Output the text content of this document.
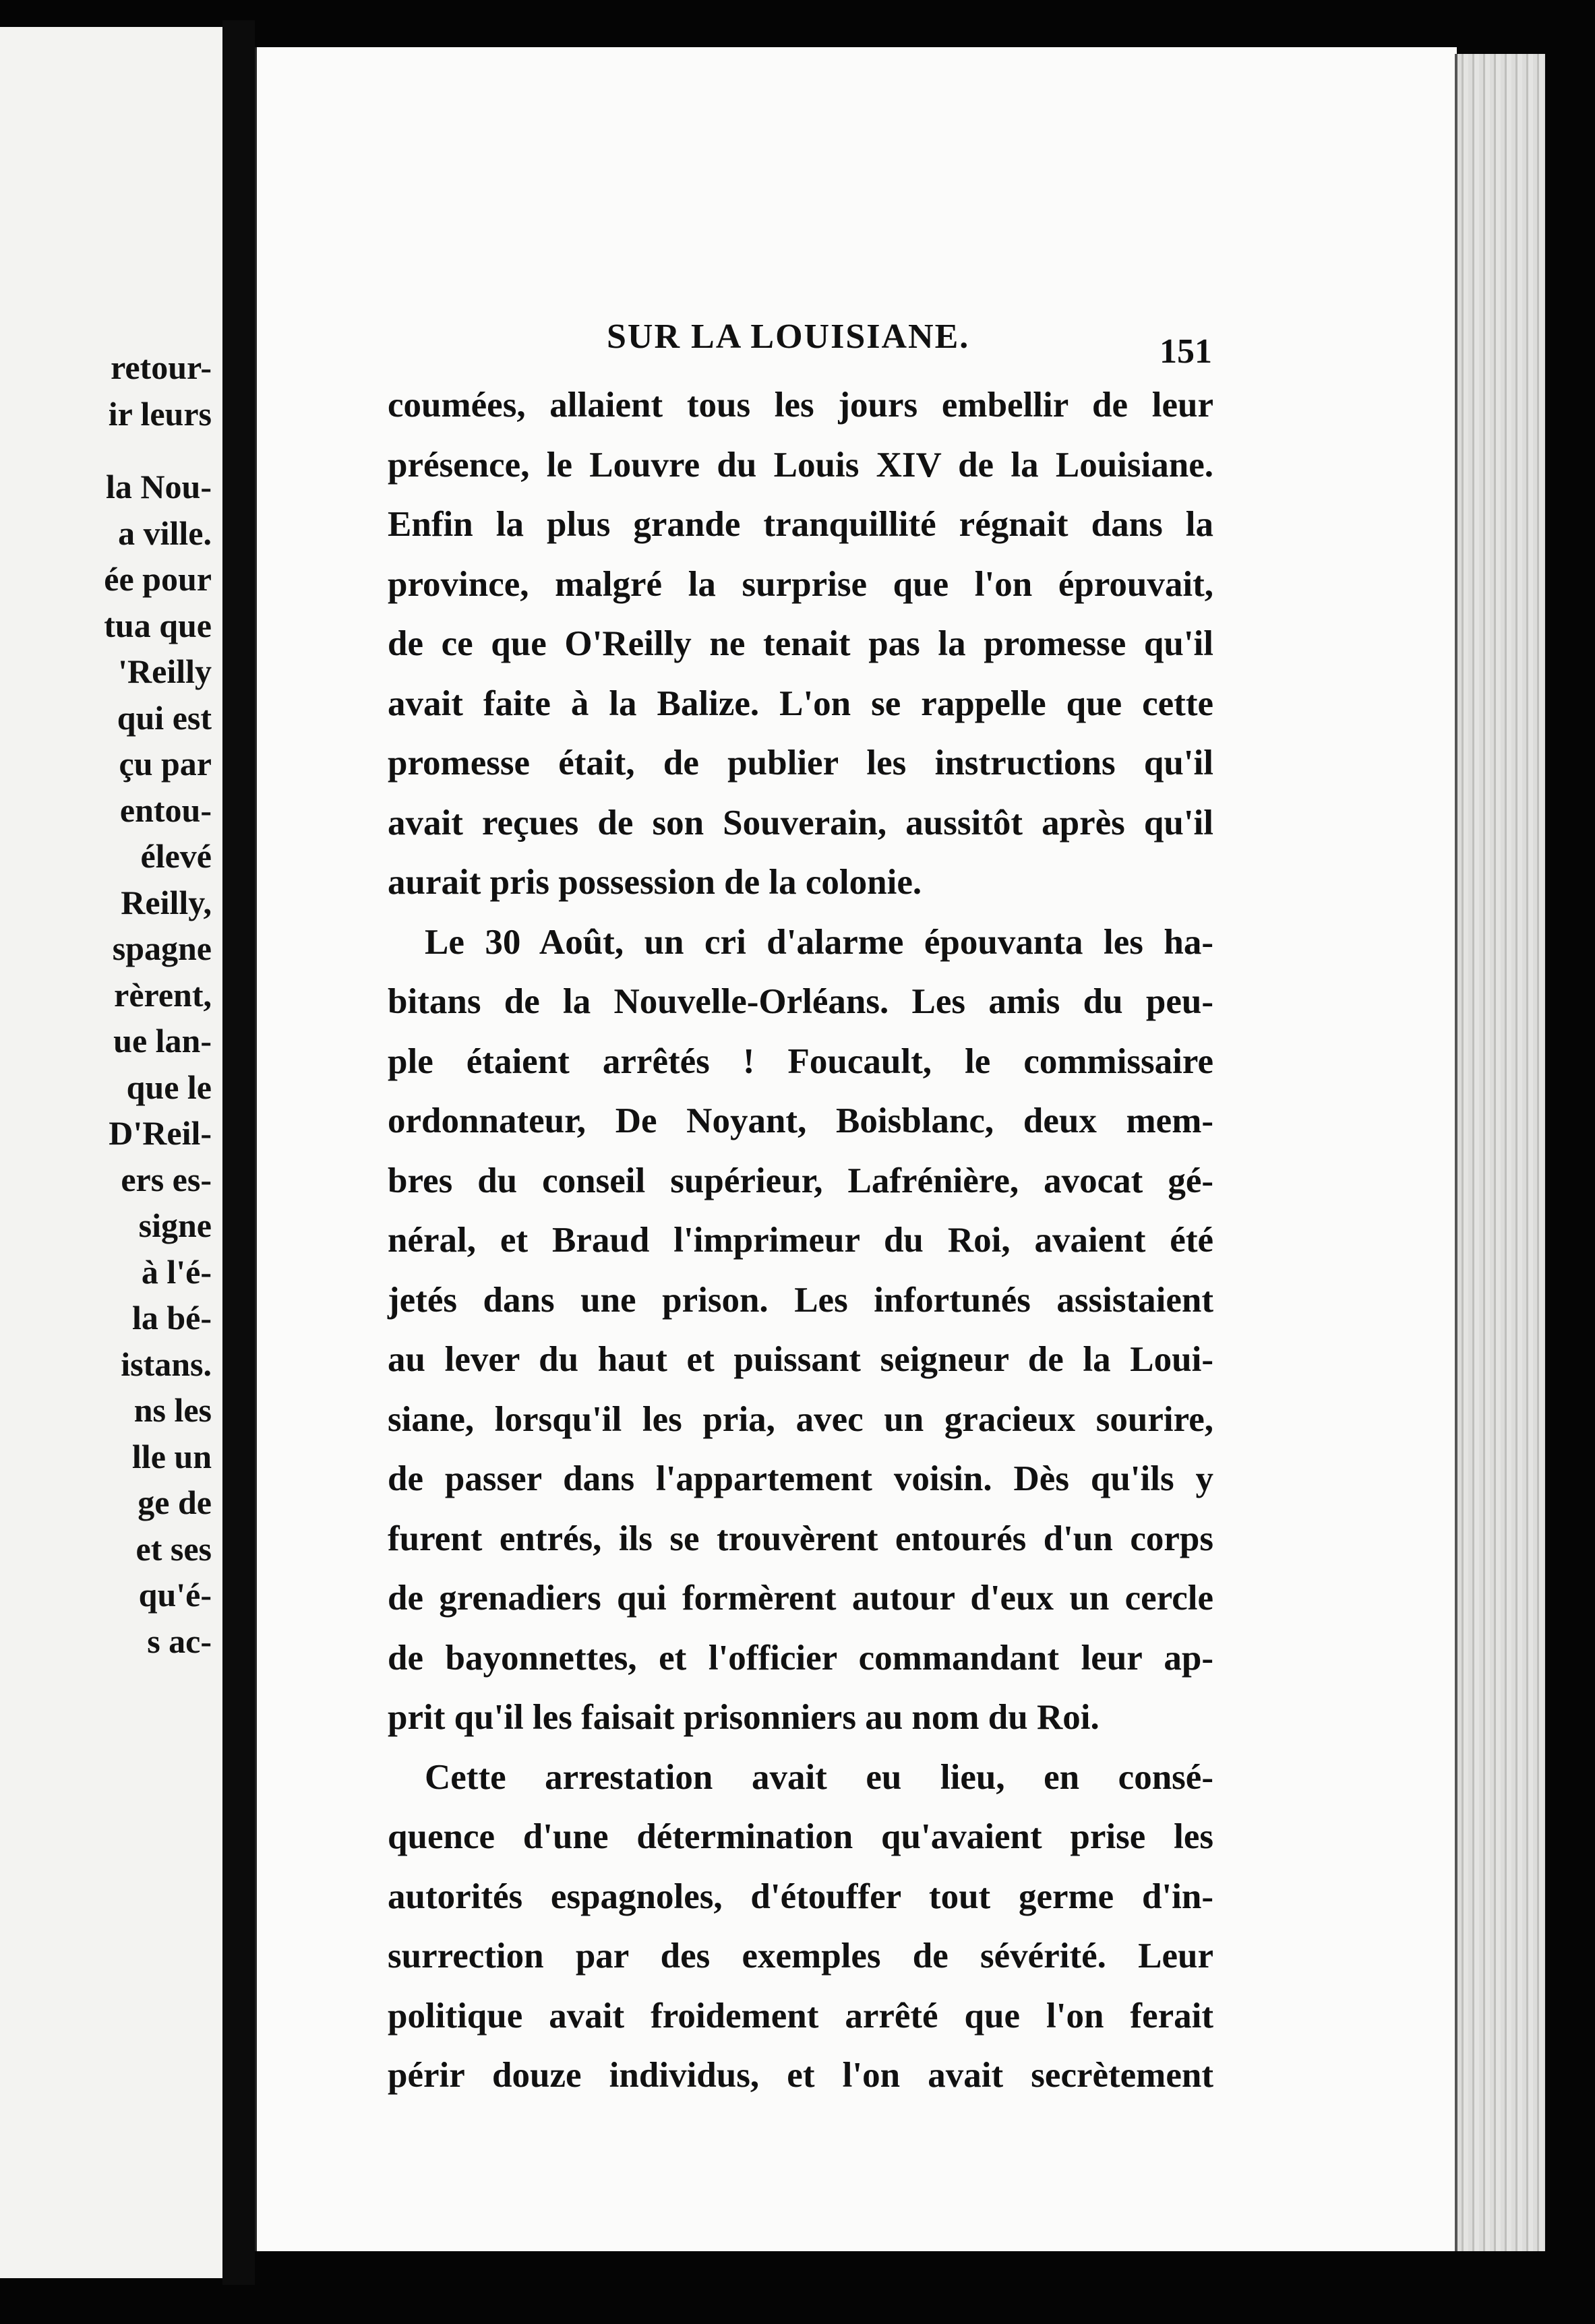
retour-
ir leurs
la Nou-
a ville.
ée pour
tua que
'Reilly
qui est
çu par
entou-
élevé
Reilly,
spagne
rèrent,
ue lan-
que le
D'Reil-
ers es-
signe
à l'é-
la bé-
istans.
ns les
lle un
ge de
et ses
qu'é-
s ac-
SUR LA LOUISIANE.	151
coumées, allaient tous les jours embellir de leur
présence, le Louvre du Louis XIV de la Louisiane.
Enfin la plus grande tranquillité régnait dans la
province, malgré la surprise que l'on éprouvait,
de ce que O'Reilly ne tenait pas la promesse qu'il
avait faite à la Balize. L'on se rappelle que cette
promesse était, de publier les instructions qu'il
avait reçues de son Souverain, aussitôt après qu'il
aurait pris possession de la colonie.
Le 30 Août, un cri d'alarme épouvanta les ha-
bitans de la Nouvelle-Orléans. Les amis du peu-
ple étaient arrêtés ! Foucault, le commissaire
ordonnateur, De Noyant, Boisblanc, deux mem-
bres du conseil supérieur, Lafrénière, avocat gé-
néral, et Braud l'imprimeur du Roi, avaient été
jetés dans une prison. Les infortunés assistaient
au lever du haut et puissant seigneur de la Loui-
siane, lorsqu'il les pria, avec un gracieux sourire,
de passer dans l'appartement voisin. Dès qu'ils y
furent entrés, ils se trouvèrent entourés d'un corps
de grenadiers qui formèrent autour d'eux un cercle
de bayonnettes, et l'officier commandant leur ap-
prit qu'il les faisait prisonniers au nom du Roi.
Cette arrestation avait eu lieu, en consé-
quence d'une détermination qu'avaient prise les
autorités espagnoles, d'étouffer tout germe d'in-
surrection par des exemples de sévérité. Leur
politique avait froidement arrêté que l'on ferait
périr douze individus, et l'on avait secrètement
